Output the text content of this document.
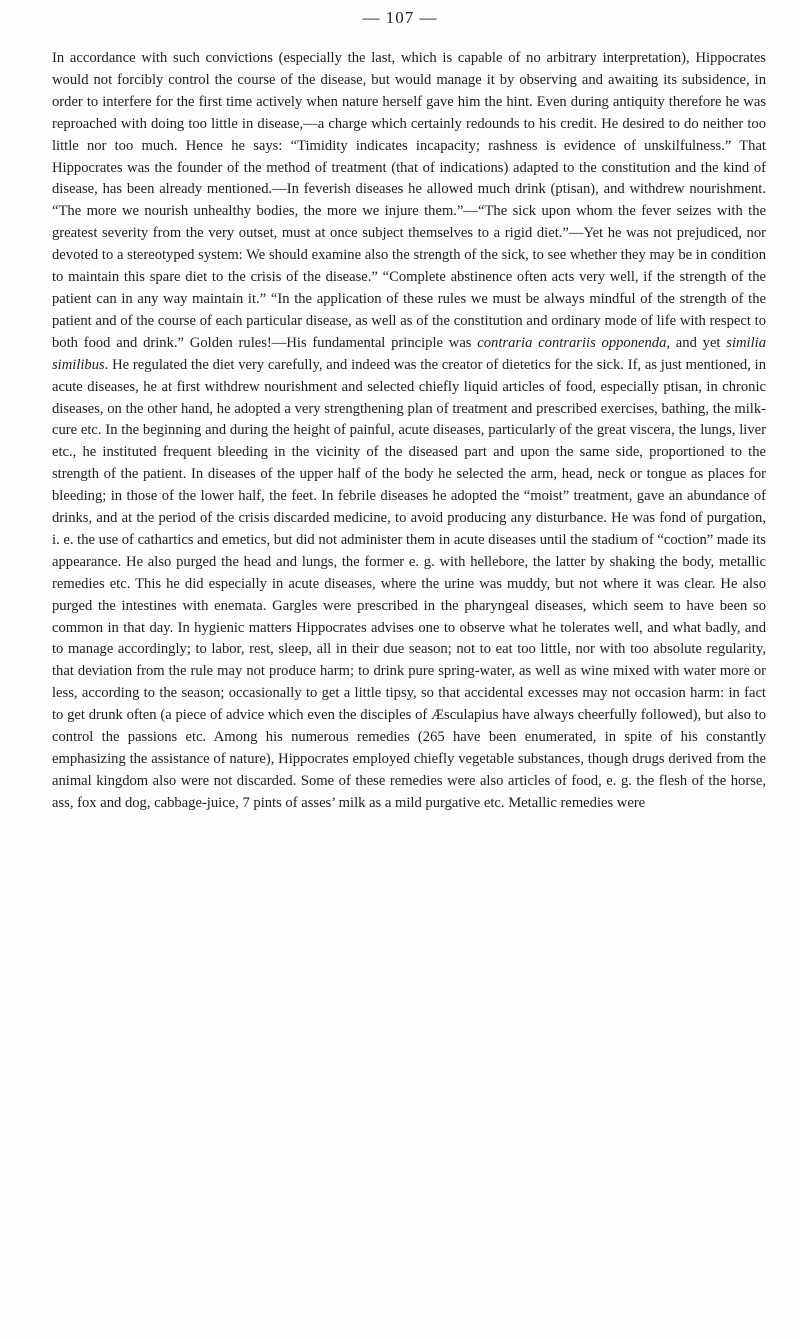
— 107 —

In accordance with such convictions (especially the last, which is capable of no arbitrary interpretation), Hippocrates would not forcibly control the course of the disease, but would manage it by observing and awaiting its subsidence, in order to interfere for the first time actively when nature herself gave him the hint. Even during antiquity therefore he was reproached with doing too little in disease,—a charge which certainly redounds to his credit. He desired to do neither too little nor too much. Hence he says: “Timidity indicates incapacity; rashness is evidence of unskilfulness.” That Hippocrates was the founder of the method of treatment (that of indications) adapted to the constitution and the kind of disease, has been already mentioned.—In feverish diseases he allowed much drink (ptisan), and withdrew nourishment. “The more we nourish unhealthy bodies, the more we injure them.”—“The sick upon whom the fever seizes with the greatest severity from the very outset, must at once subject themselves to a rigid diet.”—Yet he was not prejudiced, nor devoted to a stereotyped system: We should examine also the strength of the sick, to see whether they may be in condition to maintain this spare diet to the crisis of the disease.” “Complete abstinence often acts very well, if the strength of the patient can in any way maintain it.” “In the application of these rules we must be always mindful of the strength of the patient and of the course of each particular disease, as well as of the constitution and ordinary mode of life with respect to both food and drink.” Golden rules!—His fundamental principle was contraria contrariis opponenda, and yet similia similibus. He regulated the diet very carefully, and indeed was the creator of dietetics for the sick. If, as just mentioned, in acute diseases, he at first withdrew nourishment and selected chiefly liquid articles of food, especially ptisan, in chronic diseases, on the other hand, he adopted a very strengthening plan of treatment and prescribed exercises, bathing, the milk-cure etc. In the beginning and during the height of painful, acute diseases, particularly of the great viscera, the lungs, liver etc., he instituted frequent bleeding in the vicinity of the diseased part and upon the same side, proportioned to the strength of the patient. In diseases of the upper half of the body he selected the arm, head, neck or tongue as places for bleeding; in those of the lower half, the feet. In febrile diseases he adopted the “moist” treatment, gave an abundance of drinks, and at the period of the crisis discarded medicine, to avoid producing any disturbance. He was fond of purgation, i. e. the use of cathartics and emetics, but did not administer them in acute diseases until the stadium of “coction” made its appearance. He also purged the head and lungs, the former e. g. with hellebore, the latter by shaking the body, metallic remedies etc. This he did especially in acute diseases, where the urine was muddy, but not where it was clear. He also purged the intestines with enemata. Gargles were prescribed in the pharyngeal diseases, which seem to have been so common in that day. In hygienic matters Hippocrates advises one to observe what he tolerates well, and what badly, and to manage accordingly; to labor, rest, sleep, all in their due season; not to eat too little, nor with too absolute regularity, that deviation from the rule may not produce harm; to drink pure spring-water, as well as wine mixed with water more or less, according to the season; occasionally to get a little tipsy, so that accidental excesses may not occasion harm: in fact to get drunk often (a piece of advice which even the disciples of Æsculapius have always cheerfully followed), but also to control the passions etc. Among his numerous remedies (265 have been enumerated, in spite of his constantly emphasizing the assistance of nature), Hippocrates employed chiefly vegetable substances, though drugs derived from the animal kingdom also were not discarded. Some of these remedies were also articles of food, e. g. the flesh of the horse, ass, fox and dog, cabbage-juice, 7 pints of asses’ milk as a mild purgative etc. Metallic remedies were
